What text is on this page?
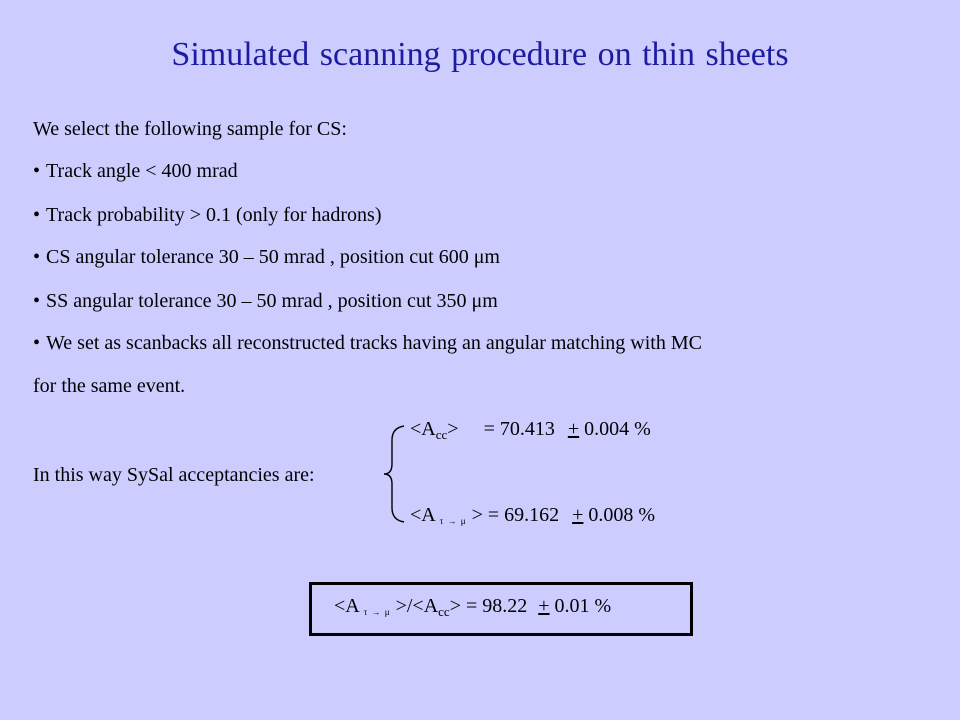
Simulated scanning procedure on thin sheets
We select the following sample for CS:
• Track angle < 400 mrad
• Track probability > 0.1 (only for hadrons)
• CS angular tolerance 30 – 50 mrad , position cut 600 μm
• SS angular tolerance 30 – 50 mrad , position cut 350 μm
• We set as scanbacks all reconstructed tracks having an angular matching with MC
for the same event.
In this way SySal acceptancies are:
$<A_{cc}> = 70.413 + 0.004$ %
<A τ → μ > = 69.162 + 0.008 %
<A $\tau \to \mu >/<A_{cc}> = 98.22 + 0.01$ %
